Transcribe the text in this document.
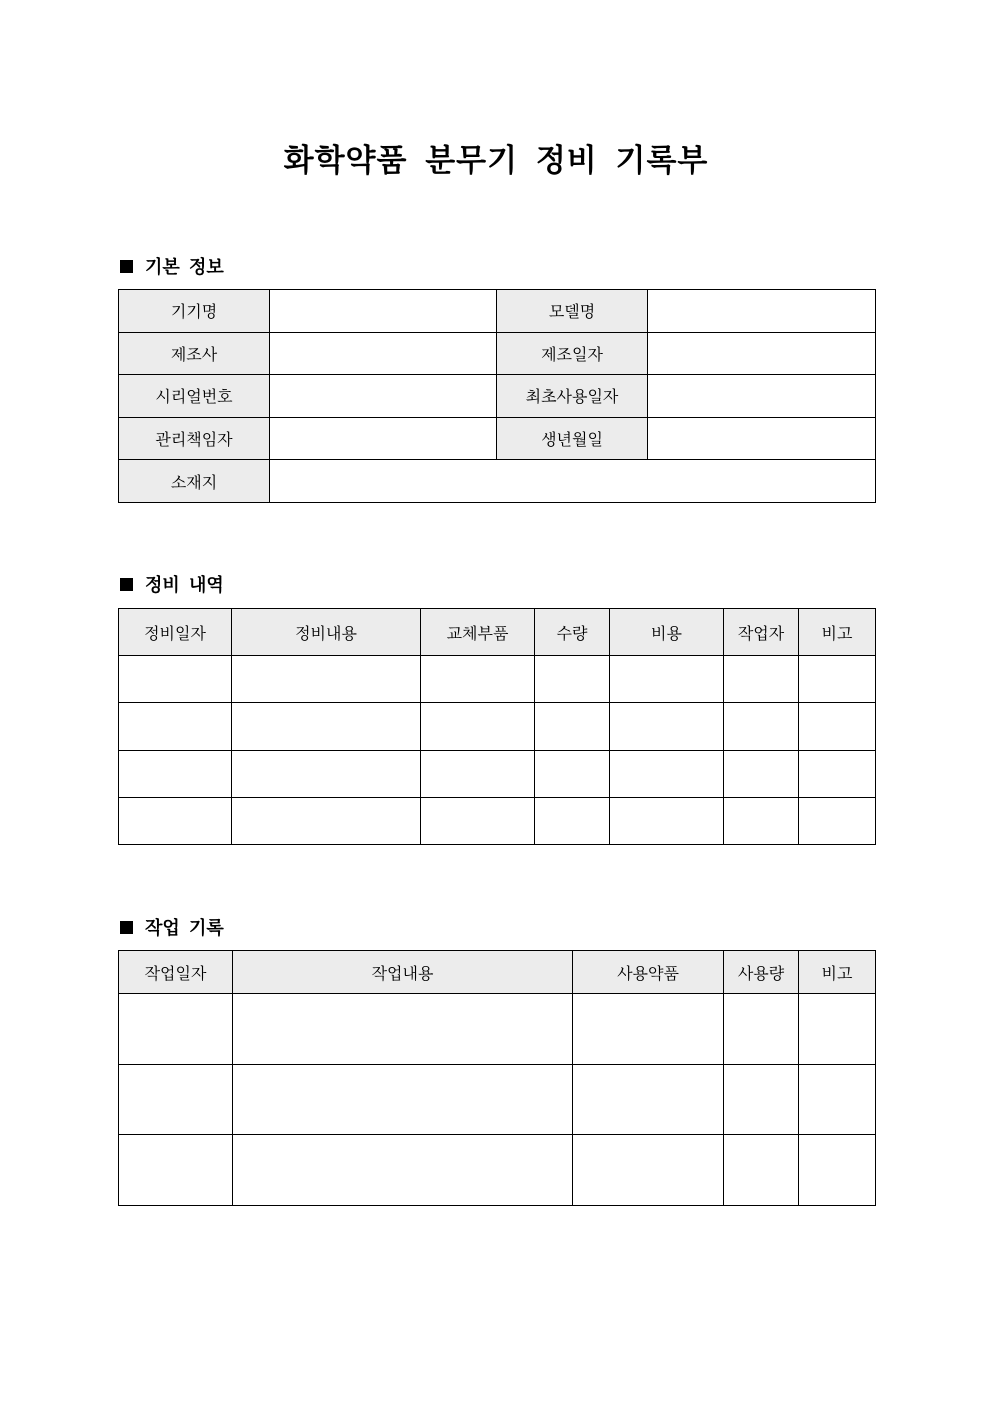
화학약품 분무기 정비 기록부
기본 정보
기기명		모델명	
제조사		제조일자	
시리얼번호		최초사용일자	
관리책임자		생년월일	
소재지			
정비 내역
정비일자	정비내용	교체부품	수량	비용	작업자	비고

작업 기록
작업일자	작업내용	사용약품	사용량	비고
